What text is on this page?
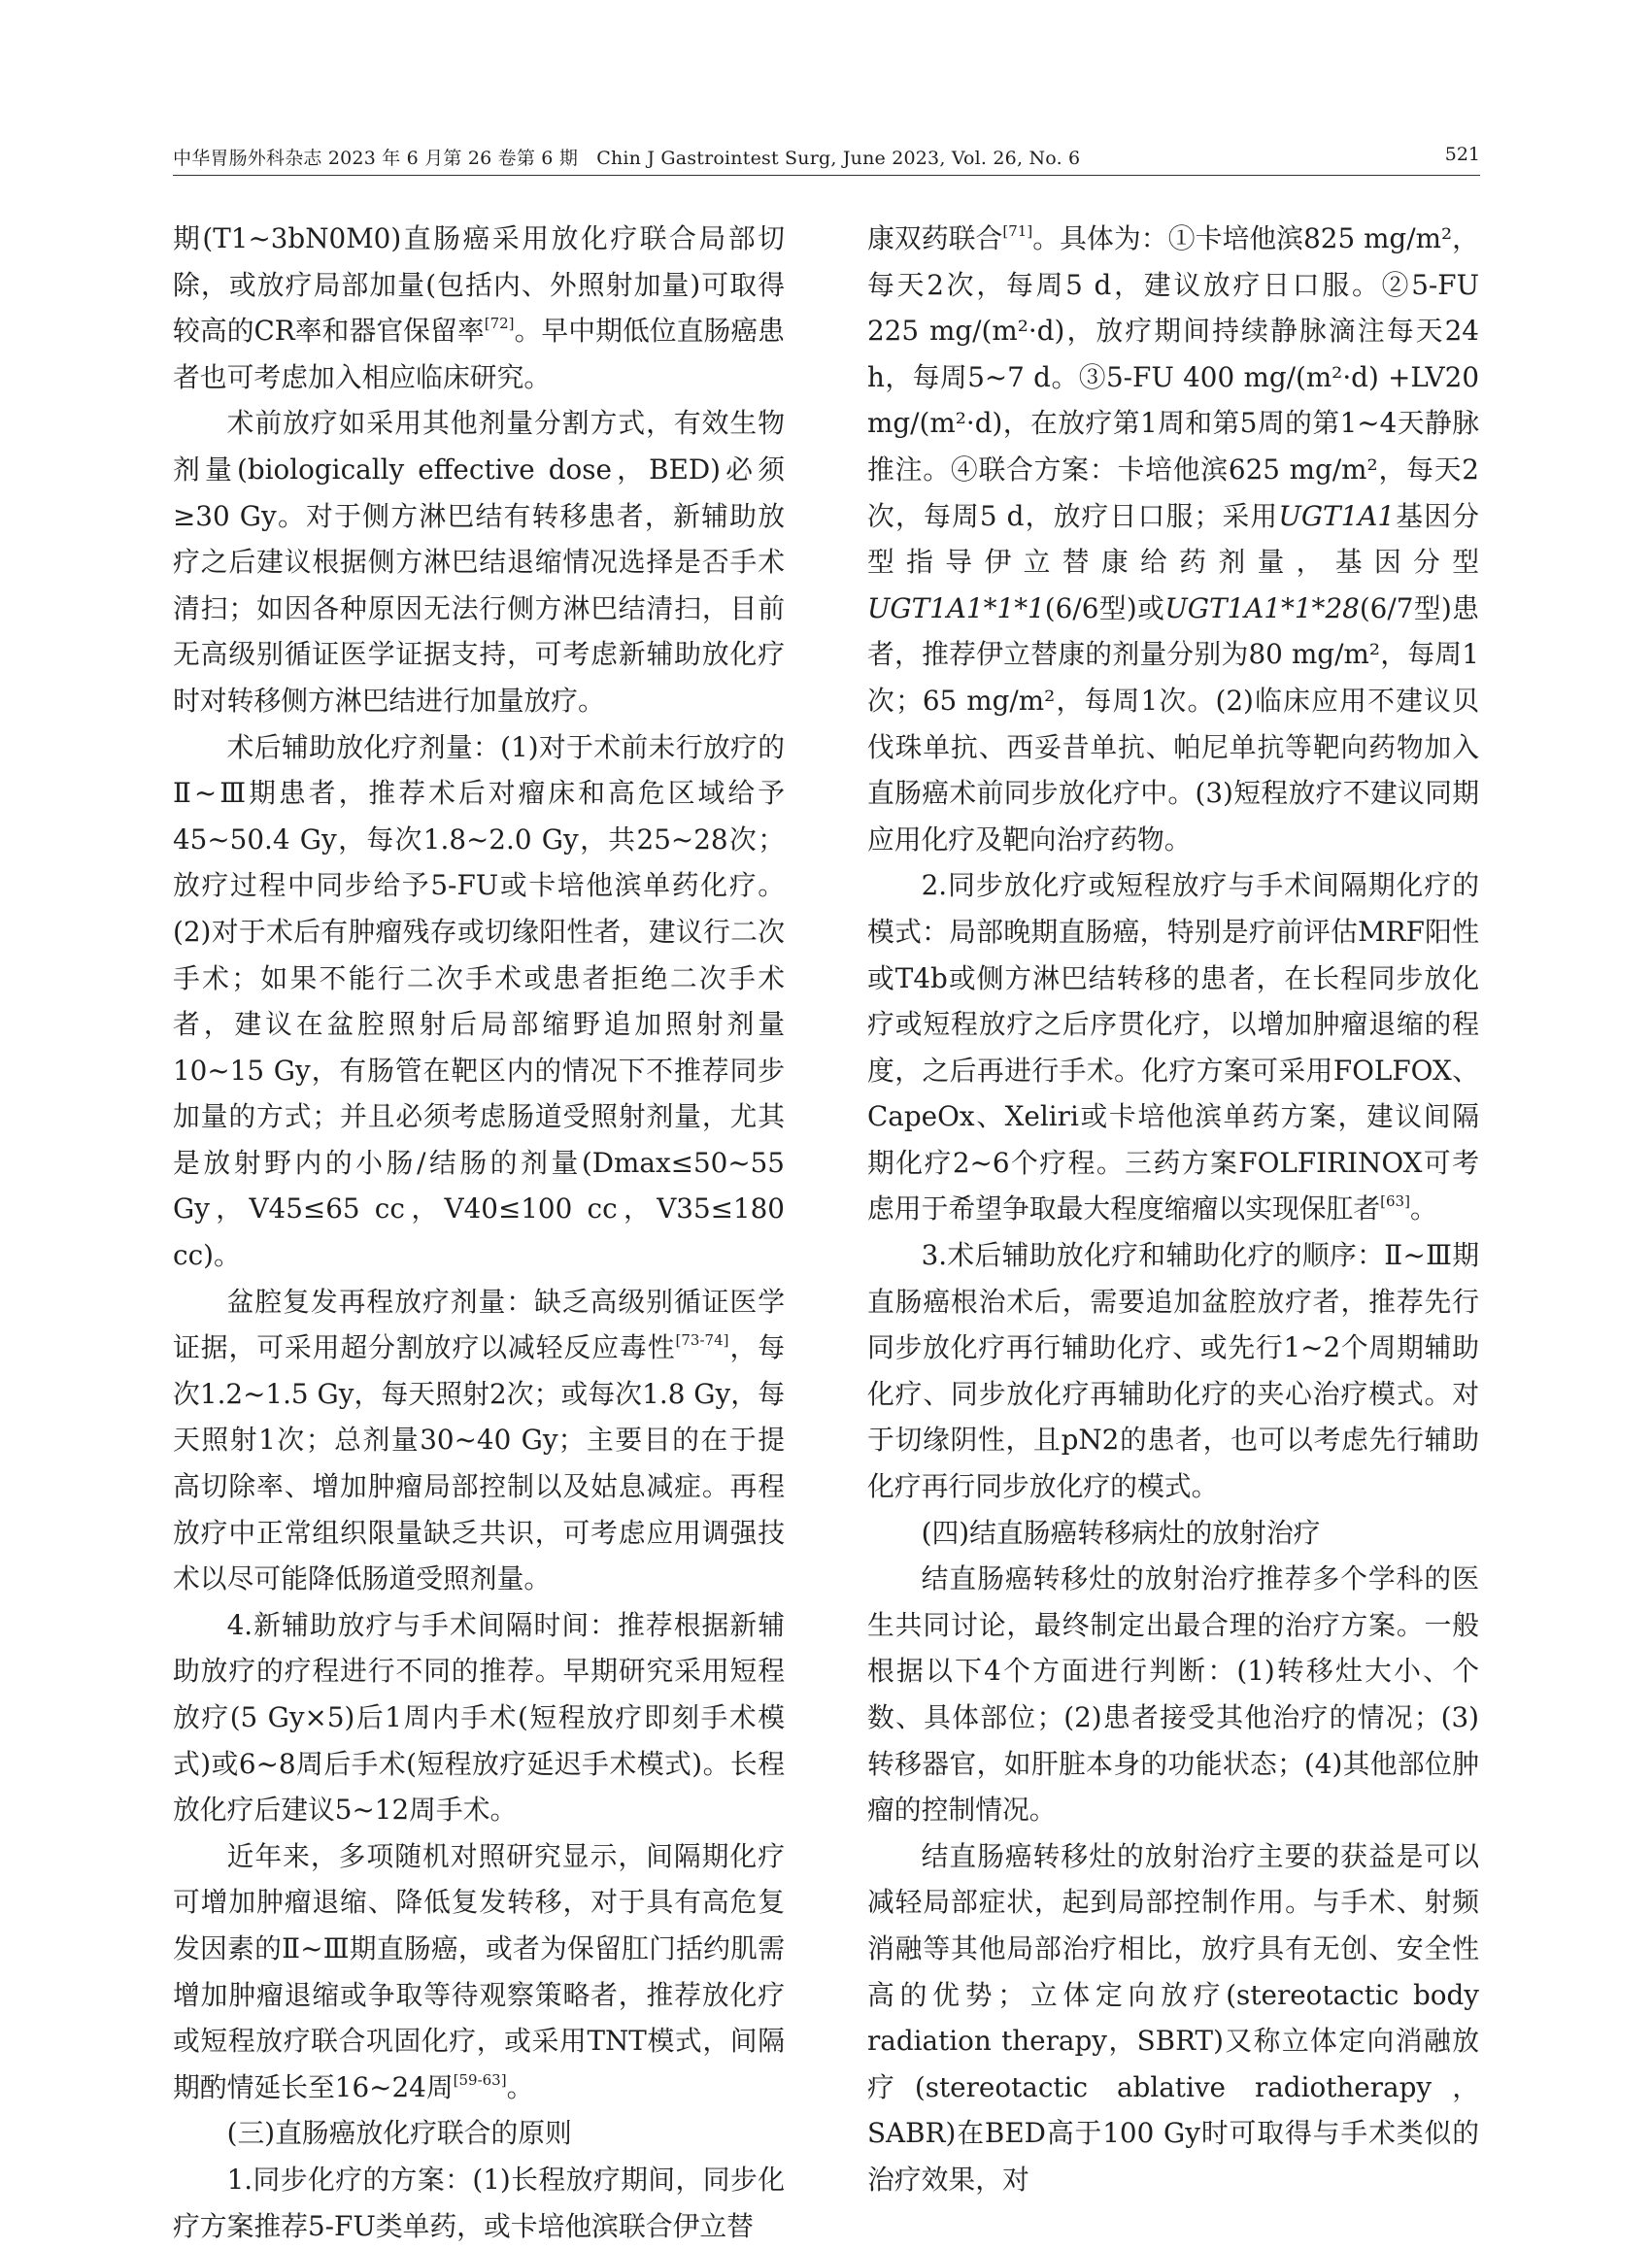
中华胃肠外科杂志 2023 年 6 月第 26 卷第 6 期　Chin J Gastrointest Surg, June 2023, Vol. 26, No. 6	521

期(T1~3bN0M0)直肠癌采用放化疗联合局部切除，或放疗局部加量(包括内、外照射加量)可取得较高的CR率和器官保留率[72]。早中期低位直肠癌患者也可考虑加入相应临床研究。

术前放疗如采用其他剂量分割方式，有效生物剂量(biologically effective dose，BED)必须≥30 Gy。对于侧方淋巴结有转移患者，新辅助放疗之后建议根据侧方淋巴结退缩情况选择是否手术清扫；如因各种原因无法行侧方淋巴结清扫，目前无高级别循证医学证据支持，可考虑新辅助放化疗时对转移侧方淋巴结进行加量放疗。

术后辅助放化疗剂量：(1)对于术前未行放疗的Ⅱ~Ⅲ期患者，推荐术后对瘤床和高危区域给予45~50.4 Gy，每次1.8~2.0 Gy，共25~28次；放疗过程中同步给予5-FU或卡培他滨单药化疗。(2)对于术后有肿瘤残存或切缘阳性者，建议行二次手术；如果不能行二次手术或患者拒绝二次手术者，建议在盆腔照射后局部缩野追加照射剂量10~15 Gy，有肠管在靶区内的情况下不推荐同步加量的方式；并且必须考虑肠道受照射剂量，尤其是放射野内的小肠/结肠的剂量(Dmax≤50~55 Gy，V45≤65 cc，V40≤100 cc，V35≤180 cc)。

盆腔复发再程放疗剂量：缺乏高级别循证医学证据，可采用超分割放疗以减轻反应毒性[73-74]，每次1.2~1.5 Gy，每天照射2次；或每次1.8 Gy，每天照射1次；总剂量30~40 Gy；主要目的在于提高切除率、增加肿瘤局部控制以及姑息减症。再程放疗中正常组织限量缺乏共识，可考虑应用调强技术以尽可能降低肠道受照剂量。

4.新辅助放疗与手术间隔时间：推荐根据新辅助放疗的疗程进行不同的推荐。早期研究采用短程放疗(5 Gy×5)后1周内手术(短程放疗即刻手术模式)或6~8周后手术(短程放疗延迟手术模式)。长程放化疗后建议5~12周手术。

近年来，多项随机对照研究显示，间隔期化疗可增加肿瘤退缩、降低复发转移，对于具有高危复发因素的Ⅱ~Ⅲ期直肠癌，或者为保留肛门括约肌需增加肿瘤退缩或争取等待观察策略者，推荐放化疗或短程放疗联合巩固化疗，或采用TNT模式，间隔期酌情延长至16~24周[59-63]。

(三)直肠癌放化疗联合的原则

1.同步化疗的方案：(1)长程放疗期间，同步化疗方案推荐5-FU类单药，或卡培他滨联合伊立替

康双药联合[71]。具体为：①卡培他滨825 mg/m²，每天2次，每周5 d，建议放疗日口服。②5-FU 225 mg/(m²·d)，放疗期间持续静脉滴注每天24 h，每周5~7 d。③5-FU 400 mg/(m²·d) +LV20 mg/(m²·d)，在放疗第1周和第5周的第1~4天静脉推注。④联合方案：卡培他滨625 mg/m²，每天2次，每周5 d，放疗日口服；采用UGT1A1基因分型指导伊立替康给药剂量，基因分型UGT1A1*1*1(6/6型)或UGT1A1*1*28(6/7型)患者，推荐伊立替康的剂量分别为80 mg/m²，每周1次；65 mg/m²，每周1次。(2)临床应用不建议贝伐珠单抗、西妥昔单抗、帕尼单抗等靶向药物加入直肠癌术前同步放化疗中。(3)短程放疗不建议同期应用化疗及靶向治疗药物。

2.同步放化疗或短程放疗与手术间隔期化疗的模式：局部晚期直肠癌，特别是疗前评估MRF阳性或T4b或侧方淋巴结转移的患者，在长程同步放化疗或短程放疗之后序贯化疗，以增加肿瘤退缩的程度，之后再进行手术。化疗方案可采用FOLFOX、CapeOx、Xeliri或卡培他滨单药方案，建议间隔期化疗2~6个疗程。三药方案FOLFIRINOX可考虑用于希望争取最大程度缩瘤以实现保肛者[63]。

3.术后辅助放化疗和辅助化疗的顺序：Ⅱ~Ⅲ期直肠癌根治术后，需要追加盆腔放疗者，推荐先行同步放化疗再行辅助化疗、或先行1~2个周期辅助化疗、同步放化疗再辅助化疗的夹心治疗模式。对于切缘阴性，且pN2的患者，也可以考虑先行辅助化疗再行同步放化疗的模式。

(四)结直肠癌转移病灶的放射治疗

结直肠癌转移灶的放射治疗推荐多个学科的医生共同讨论，最终制定出最合理的治疗方案。一般根据以下4个方面进行判断：(1)转移灶大小、个数、具体部位；(2)患者接受其他治疗的情况；(3)转移器官，如肝脏本身的功能状态；(4)其他部位肿瘤的控制情况。

结直肠癌转移灶的放射治疗主要的获益是可以减轻局部症状，起到局部控制作用。与手术、射频消融等其他局部治疗相比，放疗具有无创、安全性高的优势；立体定向放疗(stereotactic body radiation therapy，SBRT)又称立体定向消融放疗(stereotactic ablative radiotherapy，SABR)在BED高于100 Gy时可取得与手术类似的治疗效果，对
